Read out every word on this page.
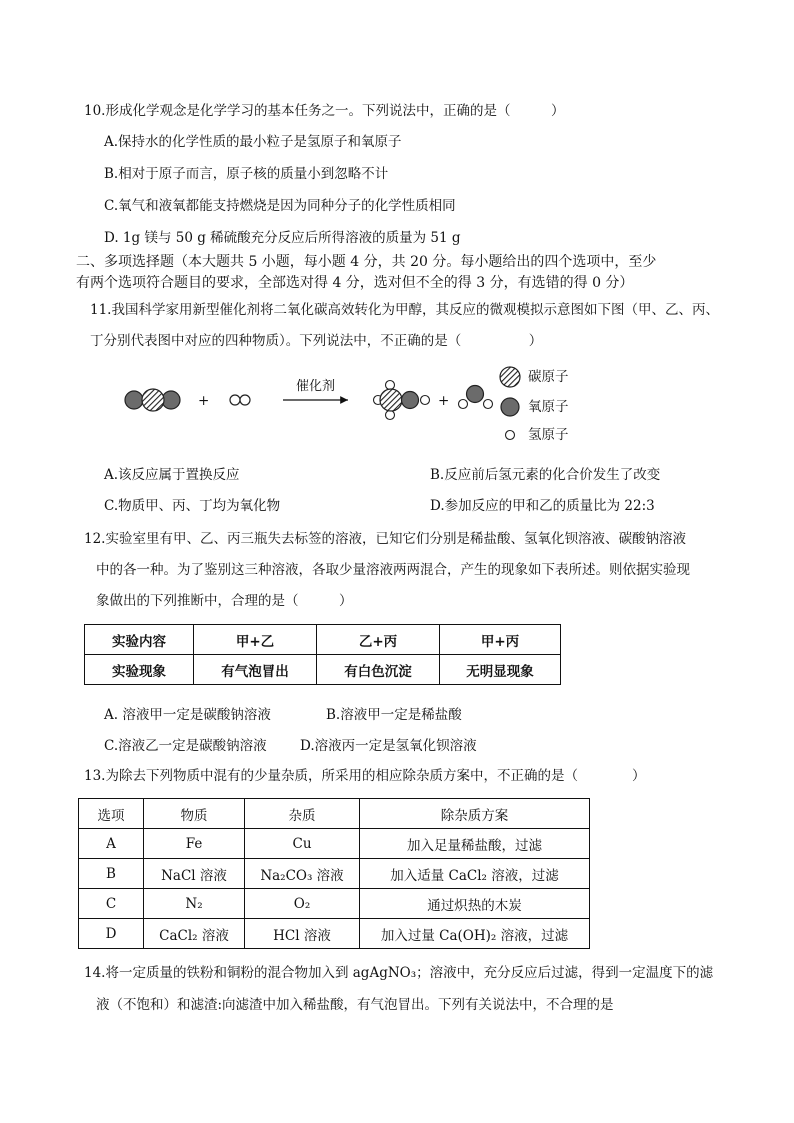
10.形成化学观念是化学学习的基本任务之一。下列说法中，正确的是（　　　）
A.保持水的化学性质的最小粒子是氢原子和氧原子
B.相对于原子而言，原子核的质量小到忽略不计
C.氧气和液氧都能支持燃烧是因为同种分子的化学性质相同
D. 1g 镁与 50 g 稀硫酸充分反应后所得溶液的质量为 51 g
二、多项选择题（本大题共 5 小题，每小题 4 分，共 20 分。每小题给出的四个选项中，至少
有两个选项符合题目的要求，全部选对得 4 分，选对但不全的得 3 分，有选错的得 0 分）
11.我国科学家用新型催化剂将二氧化碳高效转化为甲醇，其反应的微观模拟示意图如下图（甲、乙、丙、
丁分别代表图中对应的四种物质）。下列说法中，不正确的是（　　　　　）
+	+
催化剂
碳原子
氧原子
氢原子
A.该反应属于置换反应	B.反应前后氢元素的化合价发生了改变
C.物质甲、丙、丁均为氧化物	D.参加反应的甲和乙的质量比为 22:3
12.实验室里有甲、乙、丙三瓶失去标签的溶液，已知它们分别是稀盐酸、氢氧化钡溶液、碳酸钠溶液
中的各一种。为了鉴别这三种溶液，各取少量溶液两两混合，产生的现象如下表所述。则依据实验现
象做出的下列推断中，合理的是（　　　）
实验内容	甲+乙	乙+丙	甲+丙
实验现象	有气泡冒出	有白色沉淀	无明显现象
A. 溶液甲一定是碳酸钠溶液	B.溶液甲一定是稀盐酸
C.溶液乙一定是碳酸钠溶液 D.溶液丙一定是氢氧化钡溶液
13.为除去下列物质中混有的少量杂质，所采用的相应除杂质方案中，不正确的是（　　　　）
选项	物质	杂质	除杂质方案
A	Fe	Cu	加入足量稀盐酸，过滤
B	NaCl 溶液	Na₂CO₃ 溶液	加入适量 CaCl₂ 溶液，过滤
C	N₂	O₂	通过炽热的木炭
D	CaCl₂ 溶液	HCl 溶液	加入过量 Ca(OH)₂ 溶液，过滤
14.将一定质量的铁粉和铜粉的混合物加入到 agAgNO₃；溶液中，充分反应后过滤，得到一定温度下的滤
液（不饱和）和滤渣:向滤渣中加入稀盐酸，有气泡冒出。下列有关说法中，不合理的是
